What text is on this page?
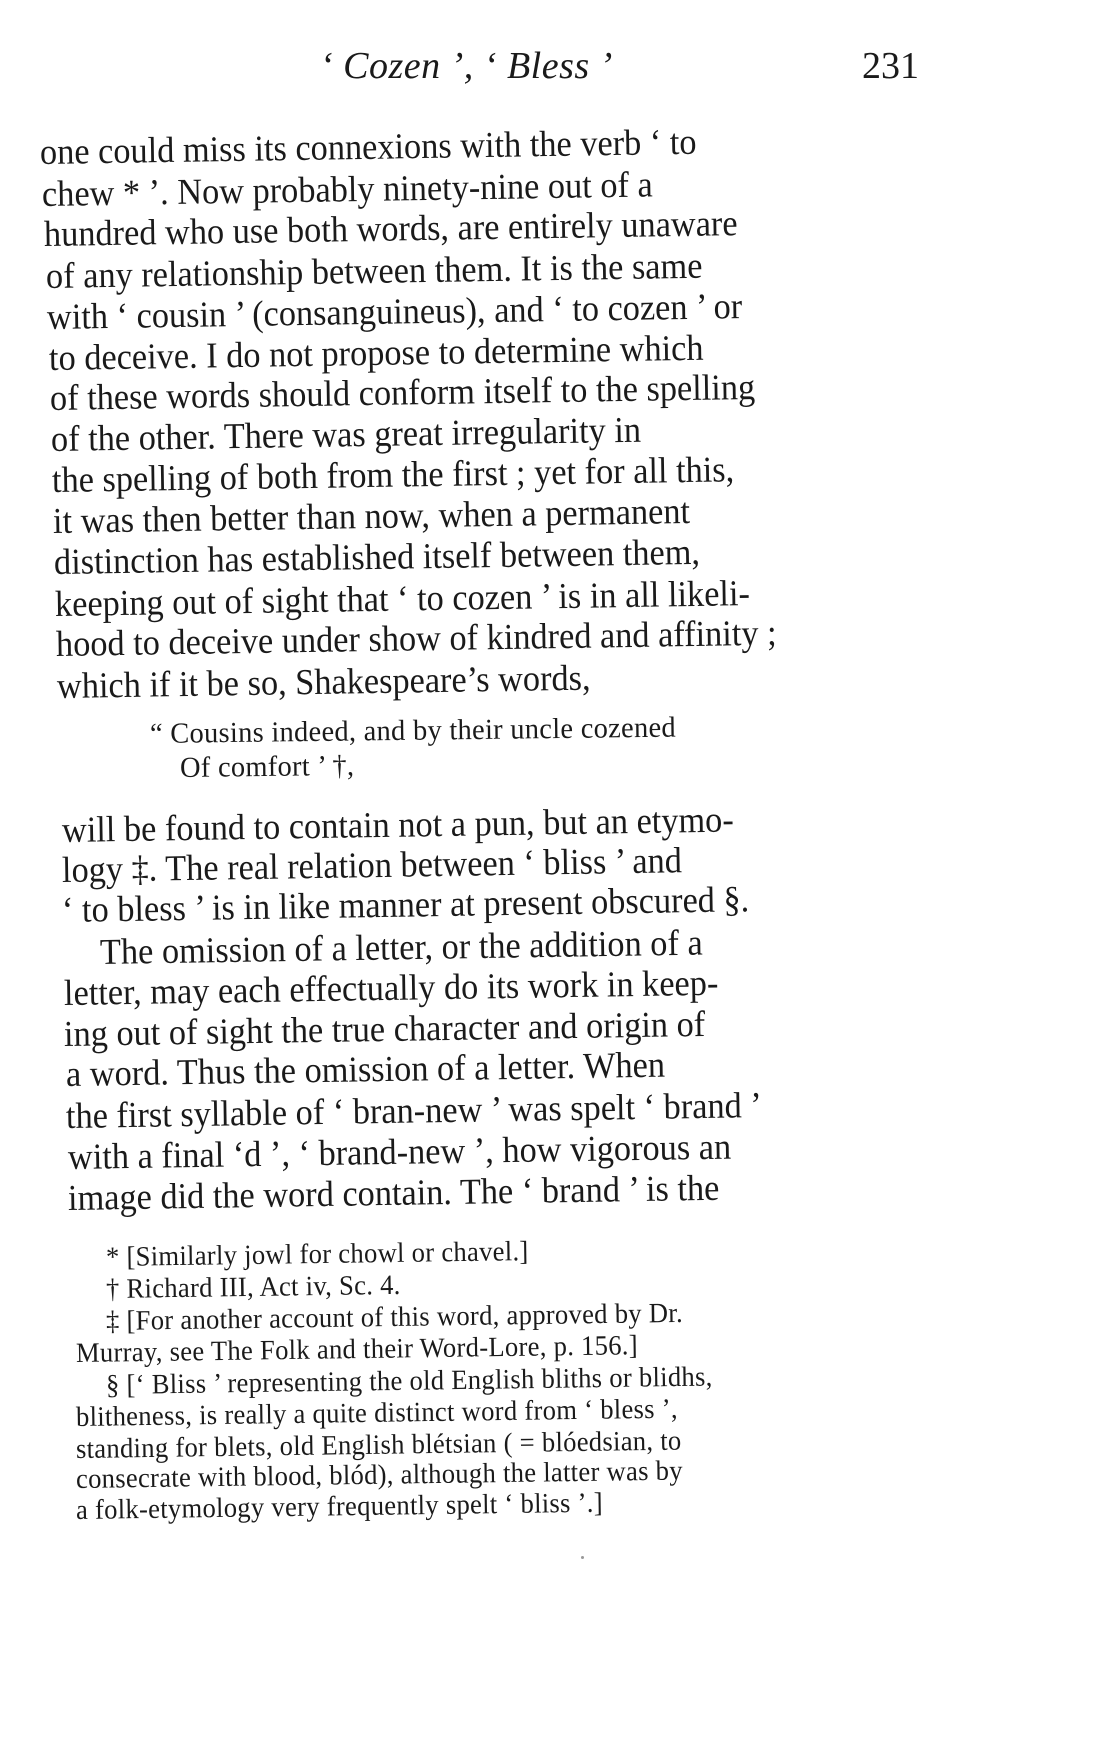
‘ Cozen ’, ‘ Bless ’	231
one could miss its connexions with the verb ‘ to
chew * ’. Now probably ninety-nine out of a
hundred who use both words, are entirely unaware
of any relationship between them. It is the same
with ‘ cousin ’ (consanguineus), and ‘ to cozen ’ or
to deceive. I do not propose to determine which
of these words should conform itself to the spelling
of the other. There was great irregularity in
the spelling of both from the first ; yet for all this,
it was then better than now, when a permanent
distinction has established itself between them,
keeping out of sight that ‘ to cozen ’ is in all likeli-
hood to deceive under show of kindred and affinity ;
which if it be so, Shakespeare’s words,
“ Cousins indeed, and by their uncle cozened
Of comfort ’ †,
will be found to contain not a pun, but an etymo-
logy ‡. The real relation between ‘ bliss ’ and
‘ to bless ’ is in like manner at present obscured §.
The omission of a letter, or the addition of a
letter, may each effectually do its work in keep-
ing out of sight the true character and origin of
a word. Thus the omission of a letter. When
the first syllable of ‘ bran-new ’ was spelt ‘ brand ’
with a final ‘d ’, ‘ brand-new ’, how vigorous an
image did the word contain. The ‘ brand ’ is the
* [Similarly jowl for chowl or chavel.]
† Richard III, Act iv, Sc. 4.
‡ [For another account of this word, approved by Dr.
Murray, see The Folk and their Word-Lore, p. 156.]
§ [‘ Bliss ’ representing the old English bliths or blidhs,
blitheness, is really a quite distinct word from ‘ bless ’,
standing for blets, old English blétsian ( = blóedsian, to
consecrate with blood, blód), although the latter was by
a folk-etymology very frequently spelt ‘ bliss ’.]
